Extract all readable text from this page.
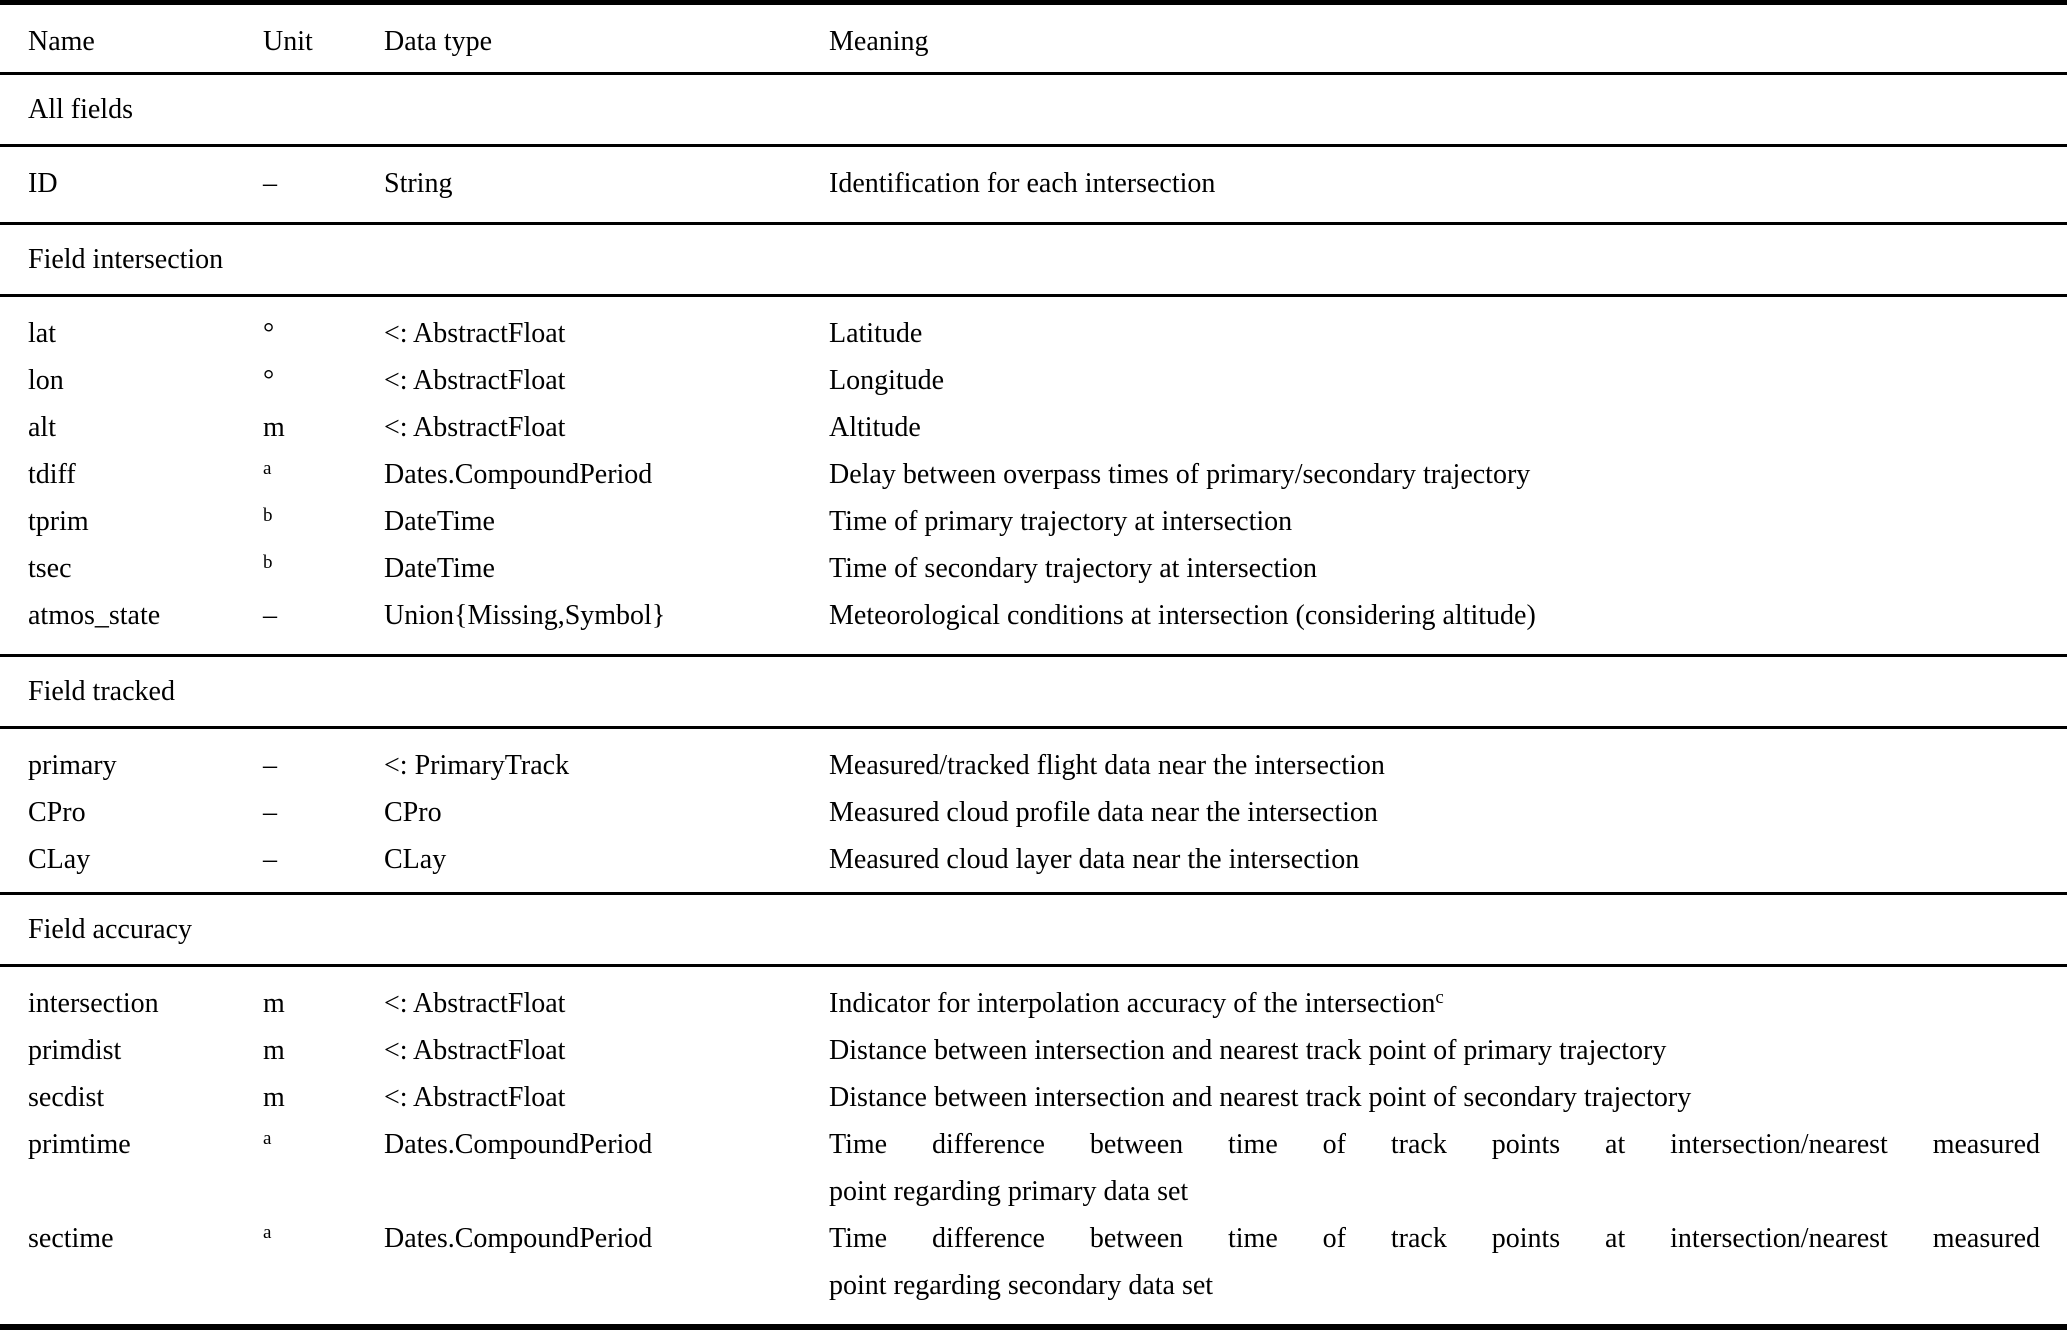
Name	Unit	Data type	Meaning
All fields
ID	–	String	Identification for each intersection
Field intersection
lat	°	<: AbstractFloat	Latitude
lon	°	<: AbstractFloat	Longitude
alt	m	<: AbstractFloat	Altitude
tdiff	$^a$	Dates.CompoundPeriod	Delay between overpass times of primary/secondary trajectory
tprim	$^b$	DateTime	Time of primary trajectory at intersection
tsec	$^b$	DateTime	Time of secondary trajectory at intersection
atmos_state	–	Union{Missing,Symbol}	Meteorological conditions at intersection (considering altitude)
Field tracked
primary	–	<: PrimaryTrack	Measured/tracked flight data near the intersection
CPro	–	CPro	Measured cloud profile data near the intersection
CLay	–	CLay	Measured cloud layer data near the intersection
Field accuracy
intersection	m	<: AbstractFloat	Indicator for interpolation accuracy of the intersection$^c$
primdist	m	<: AbstractFloat	Distance between intersection and nearest track point of primary trajectory
secdist	m	<: AbstractFloat	Distance between intersection and nearest track point of secondary trajectory
primtime	$^a$	Dates.CompoundPeriod	Time difference between time of track points at intersection/nearest measured
point regarding primary data set
sectime	$^a$	Dates.CompoundPeriod	Time difference between time of track points at intersection/nearest measured
point regarding secondary data set
